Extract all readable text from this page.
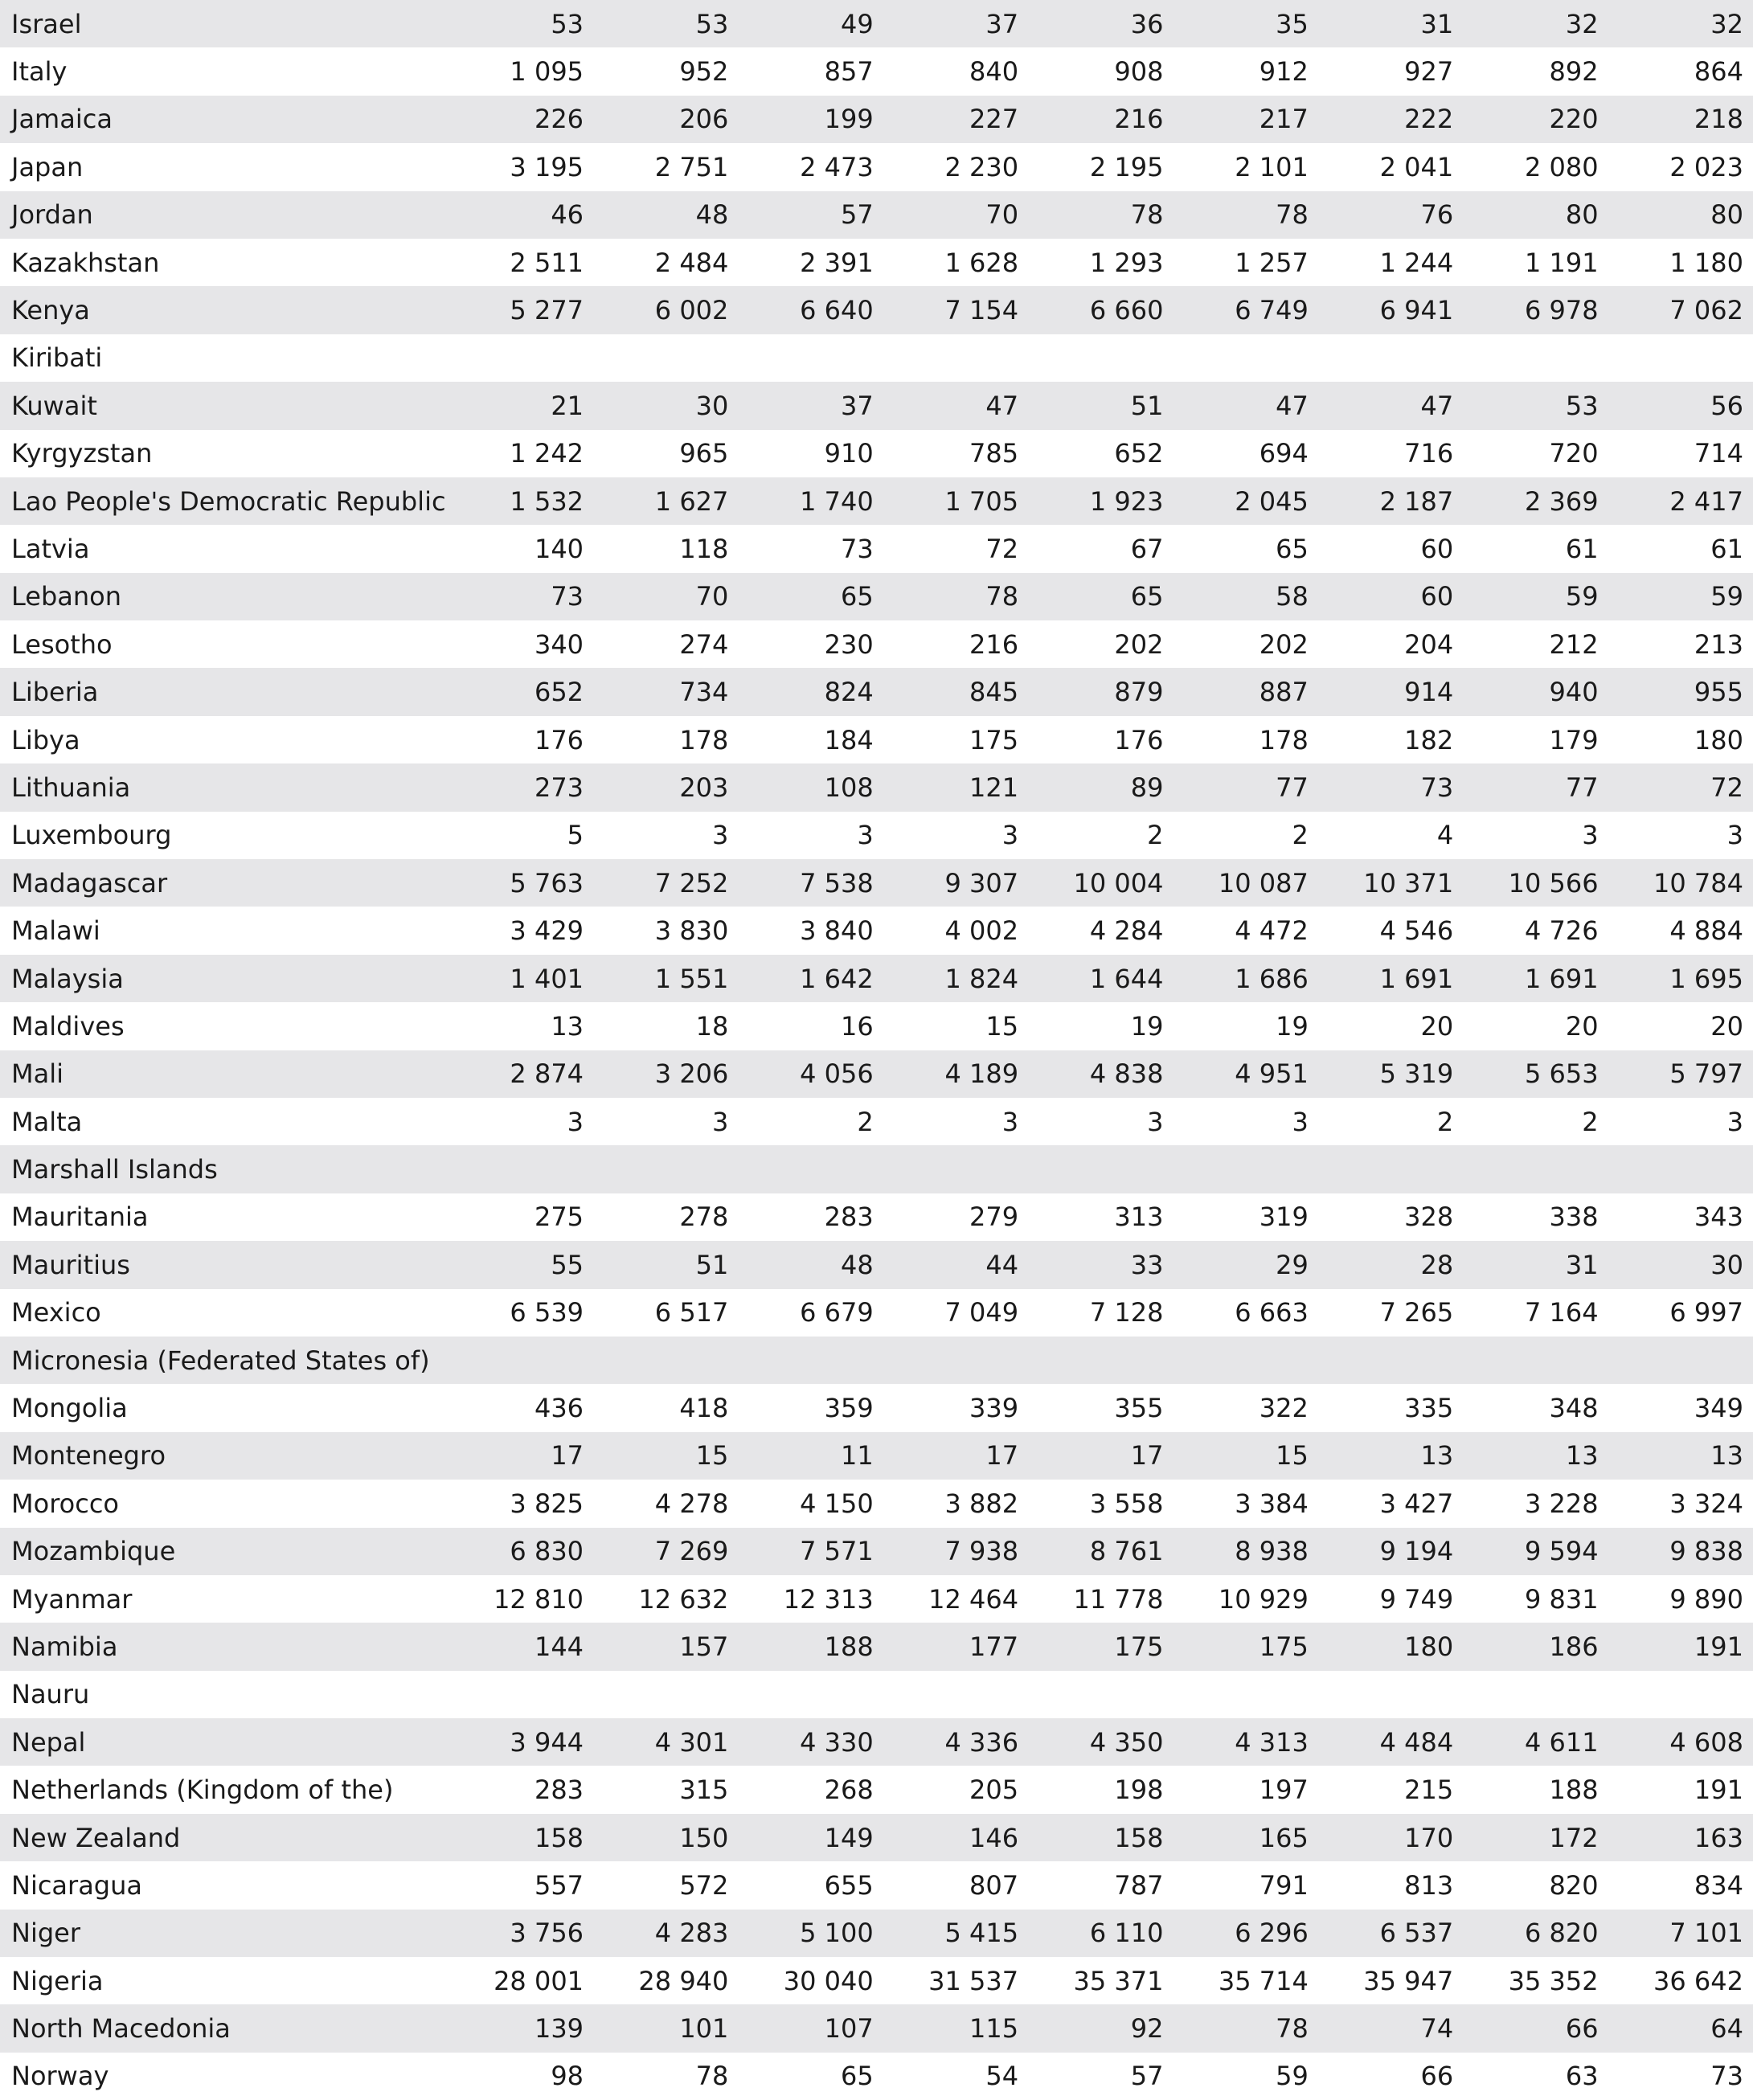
Israel	53	53	49	37	36	35	31	32	32
Italy	1 095	952	857	840	908	912	927	892	864
Jamaica	226	206	199	227	216	217	222	220	218
Japan	3 195	2 751	2 473	2 230	2 195	2 101	2 041	2 080	2 023
Jordan	46	48	57	70	78	78	76	80	80
Kazakhstan	2 511	2 484	2 391	1 628	1 293	1 257	1 244	1 191	1 180
Kenya	5 277	6 002	6 640	7 154	6 660	6 749	6 941	6 978	7 062
Kiribati									
Kuwait	21	30	37	47	51	47	47	53	56
Kyrgyzstan	1 242	965	910	785	652	694	716	720	714
Lao People's Democratic Republic	1 532	1 627	1 740	1 705	1 923	2 045	2 187	2 369	2 417
Latvia	140	118	73	72	67	65	60	61	61
Lebanon	73	70	65	78	65	58	60	59	59
Lesotho	340	274	230	216	202	202	204	212	213
Liberia	652	734	824	845	879	887	914	940	955
Libya	176	178	184	175	176	178	182	179	180
Lithuania	273	203	108	121	89	77	73	77	72
Luxembourg	5	3	3	3	2	2	4	3	3
Madagascar	5 763	7 252	7 538	9 307	10 004	10 087	10 371	10 566	10 784
Malawi	3 429	3 830	3 840	4 002	4 284	4 472	4 546	4 726	4 884
Malaysia	1 401	1 551	1 642	1 824	1 644	1 686	1 691	1 691	1 695
Maldives	13	18	16	15	19	19	20	20	20
Mali	2 874	3 206	4 056	4 189	4 838	4 951	5 319	5 653	5 797
Malta	3	3	2	3	3	3	2	2	3
Marshall Islands									
Mauritania	275	278	283	279	313	319	328	338	343
Mauritius	55	51	48	44	33	29	28	31	30
Mexico	6 539	6 517	6 679	7 049	7 128	6 663	7 265	7 164	6 997
Micronesia (Federated States of)									
Mongolia	436	418	359	339	355	322	335	348	349
Montenegro	17	15	11	17	17	15	13	13	13
Morocco	3 825	4 278	4 150	3 882	3 558	3 384	3 427	3 228	3 324
Mozambique	6 830	7 269	7 571	7 938	8 761	8 938	9 194	9 594	9 838
Myanmar	12 810	12 632	12 313	12 464	11 778	10 929	9 749	9 831	9 890
Namibia	144	157	188	177	175	175	180	186	191
Nauru									
Nepal	3 944	4 301	4 330	4 336	4 350	4 313	4 484	4 611	4 608
Netherlands (Kingdom of the)	283	315	268	205	198	197	215	188	191
New Zealand	158	150	149	146	158	165	170	172	163
Nicaragua	557	572	655	807	787	791	813	820	834
Niger	3 756	4 283	5 100	5 415	6 110	6 296	6 537	6 820	7 101
Nigeria	28 001	28 940	30 040	31 537	35 371	35 714	35 947	35 352	36 642
North Macedonia	139	101	107	115	92	78	74	66	64
Norway	98	78	65	54	57	59	66	63	73
